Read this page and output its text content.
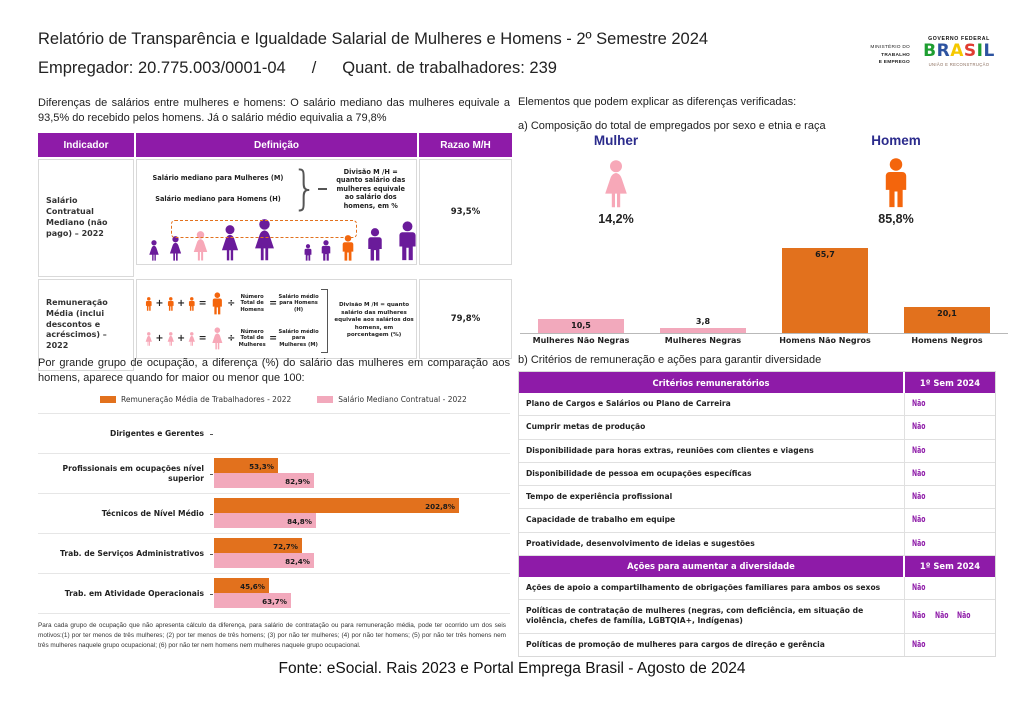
Relatório de Transparência e Igualdade Salarial de Mulheres e Homens - 2º Semestre 2024
Empregador: 20.775.003/0001-04 / Quant. de trabalhadores: 239
MINISTÉRIO DO
TRABALHO
E EMPREGO
GOVERNO FEDERAL
BRASIL
UNIÃO E RECONSTRUÇÃO
Diferenças de salários entre mulheres e homens: O salário mediano das mulheres equivale a 93,5% do recebido pelos homens. Já o salário médio equivalia a 79,8%
Indicador	Definição	Razao M/H
Salário Contratual Mediano (não pago) – 2022
Salário mediano para Mulheres (M)
Salário mediano para Homens (H) }	Divisão M /H = quanto salário das mulheres equivale ao salário dos homens, em %
93,5%
Remuneração Média (inclui descontos e acréscimos) – 2022
+ + = ÷
Número Total de Homens
=
Salário médio para Homens (H)
+ + = ÷
Número Total de Mulheres
=
Salário médio para Mulheres (M)
Divisão M /H = quanto salário das mulheres equivale aos salários dos homens, em porcentagem (%)
79,8%
Por grande grupo de ocupação, a diferença (%) do salário das mulheres em comparação aos homens, aparece quando for maior ou menor que 100:
Remuneração Média de Trabalhadores - 2022	Salário Mediano Contratual - 2022
Dirigentes e Gerentes
Profissionais em ocupações nível superior
53,3%
82,9%
Técnicos de Nível Médio
202,8%
84,8%
Trab. de Serviços Administrativos
72,7%
82,4%
Trab. em Atividade Operacionais
45,6%
63,7%
Para cada grupo de ocupação que não apresenta cálculo da diferença, para salário de contratação ou para remuneração média, pode ter ocorrido um dos seis motivos:(1) por ter menos de três mulheres; (2) por ter menos de três homens; (3) por não ter mulheres; (4) por não ter homens; (5) por não ter três homens nem três mulheres naquele grupo ocupacional; (6) por não ter nem homens nem mulheres naquele grupo ocupacional.
Elementos que podem explicar as diferenças verificadas:
a) Composição do total de empregados por sexo e etnia e raça
Mulher
14,2%
Homem
85,8%
10,5
Mulheres Não Negras
3,8
Mulheres Negras
65,7
Homens Não Negros
20,1
Homens Negros
b) Critérios de remuneração e ações para garantir diversidade
Critérios remuneratórios	1º Sem 2024
Plano de Cargos e Salários ou Plano de Carreira	Não
Cumprir metas de produção	Não
Disponibilidade para horas extras, reuniões com clientes e viagens	Não
Disponibilidade de pessoa em ocupações específicas	Não
Tempo de experiência profissional	Não
Capacidade de trabalho em equipe	Não
Proatividade, desenvolvimento de ideias e sugestões	Não
Ações para aumentar a diversidade	1º Sem 2024
Ações de apoio a compartilhamento de obrigações familiares para ambos os sexos	Não
Políticas de contratação de mulheres (negras, com deficiência, em situação de violência, chefes de família, LGBTQIA+, Indígenas)	Não Não Não
Políticas de promoção de mulheres para cargos de direção e gerência	Não
Fonte: eSocial. Rais 2023 e Portal Emprega Brasil - Agosto de 2024
